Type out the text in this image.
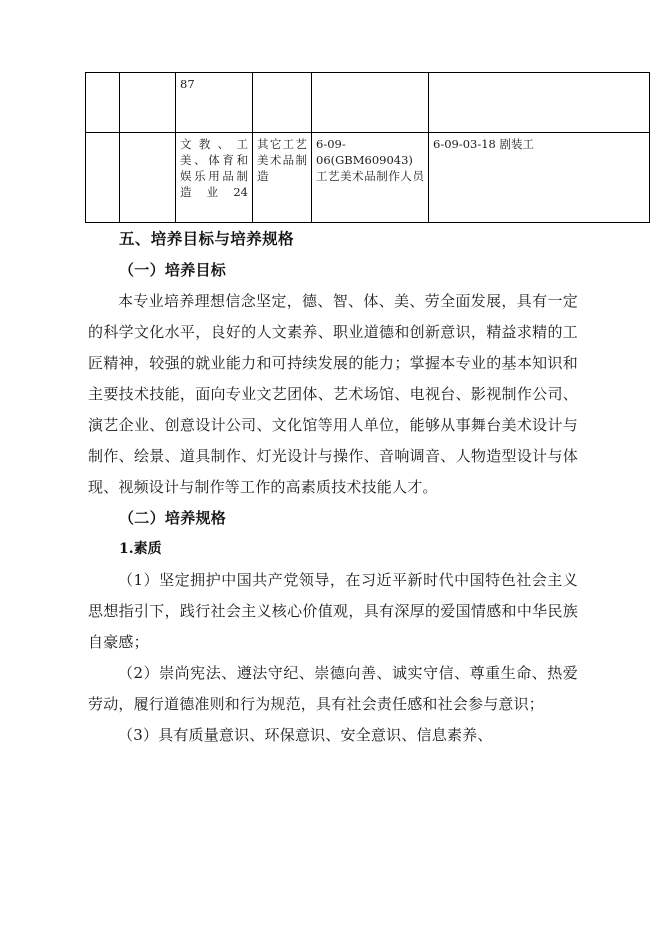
		87			
		文教、工美、体育和娱乐用品制造业24	其它工艺美术品制造	6-09-06(GBM609043) 工艺美术品制作人员	6-09-03-18 剧装工
五、培养目标与培养规格
（一）培养目标

本专业培养理想信念坚定，德、智、体、美、劳全面发展，具有一定的科学文化水平，良好的人文素养、职业道德和创新意识，精益求精的工匠精神，较强的就业能力和可持续发展的能力；掌握本专业的基本知识和主要技术技能，面向专业文艺团体、艺术场馆、电视台、影视制作公司、演艺企业、创意设计公司、文化馆等用人单位，能够从事舞台美术设计与制作、绘景、道具制作、灯光设计与操作、音响调音、人物造型设计与体现、视频设计与制作等工作的高素质技术技能人才。

（二）培养规格
1.素质

（1）坚定拥护中国共产党领导，在习近平新时代中国特色社会主义思想指引下，践行社会主义核心价值观，具有深厚的爱国情感和中华民族自豪感；

（2）崇尚宪法、遵法守纪、崇德向善、诚实守信、尊重生命、热爱劳动，履行道德准则和行为规范，具有社会责任感和社会参与意识；

（3）具有质量意识、环保意识、安全意识、信息素养、
